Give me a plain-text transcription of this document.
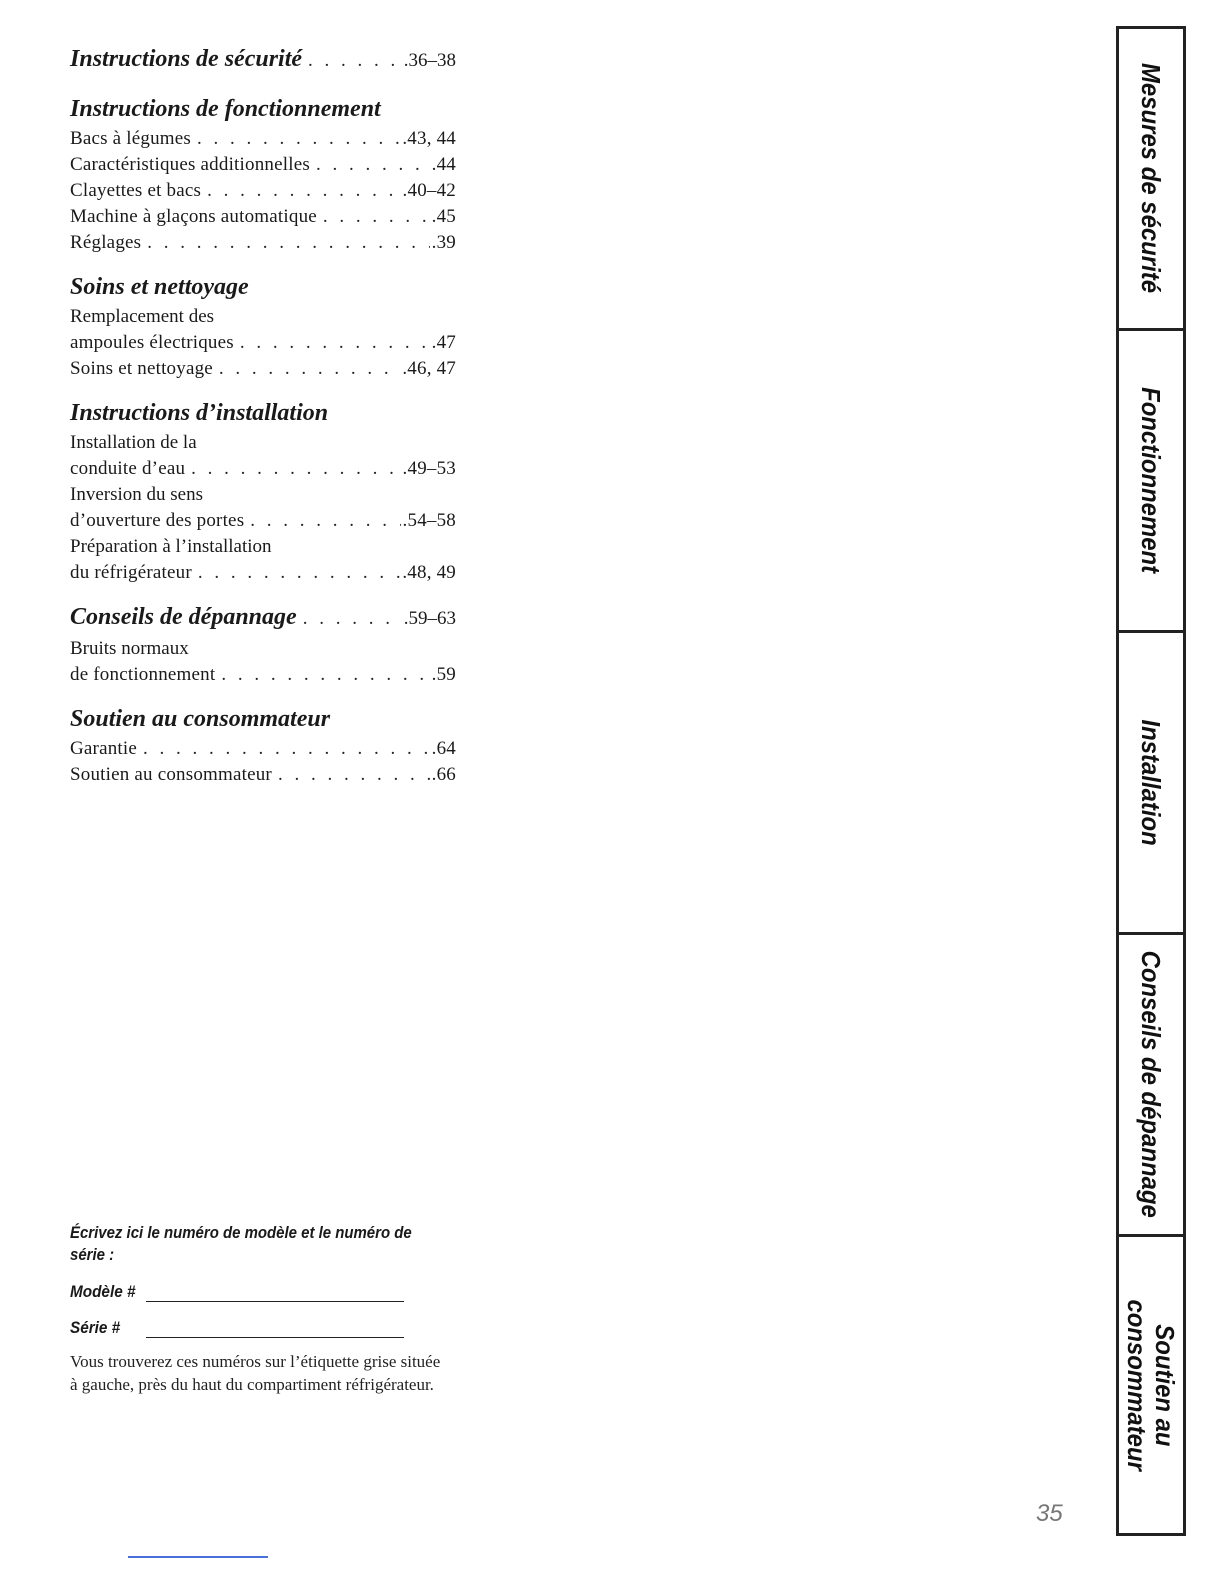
Instructions de sécurité . . .	.36–38
Instructions de fonctionnement
Bacs à légumes . . .	.43, 44
Caractéristiques additionnelles . . .	.44
Clayettes et bacs . . .	.40–42
Machine à glaçons automatique . . .	.45
Réglages . . .	.39
Soins et nettoyage
Remplacement des
ampoules électriques . . .	.47
Soins et nettoyage . . .	.46, 47
Instructions d’installation
Installation de la
conduite d’eau . . .	.49–53
Inversion du sens
d’ouverture des portes . . .	.54–58
Préparation à l’installation
du réfrigérateur . . .	.48, 49
Conseils de dépannage . . .	.59–63
Bruits normaux
de fonctionnement . . .	.59
Soutien au consommateur
Garantie . . .	.64
Soutien au consommateur . . .	.66
Écrivez ici le numéro de modèle et le numéro de série :
Modèle #
Série #
Vous trouverez ces numéros sur l’étiquette grise située à gauche, près du haut du compartiment réfrigérateur.
35
Mesures de sécurité
Fonctionnement
Installation
Conseils de dépannage
Soutien au consommateur
